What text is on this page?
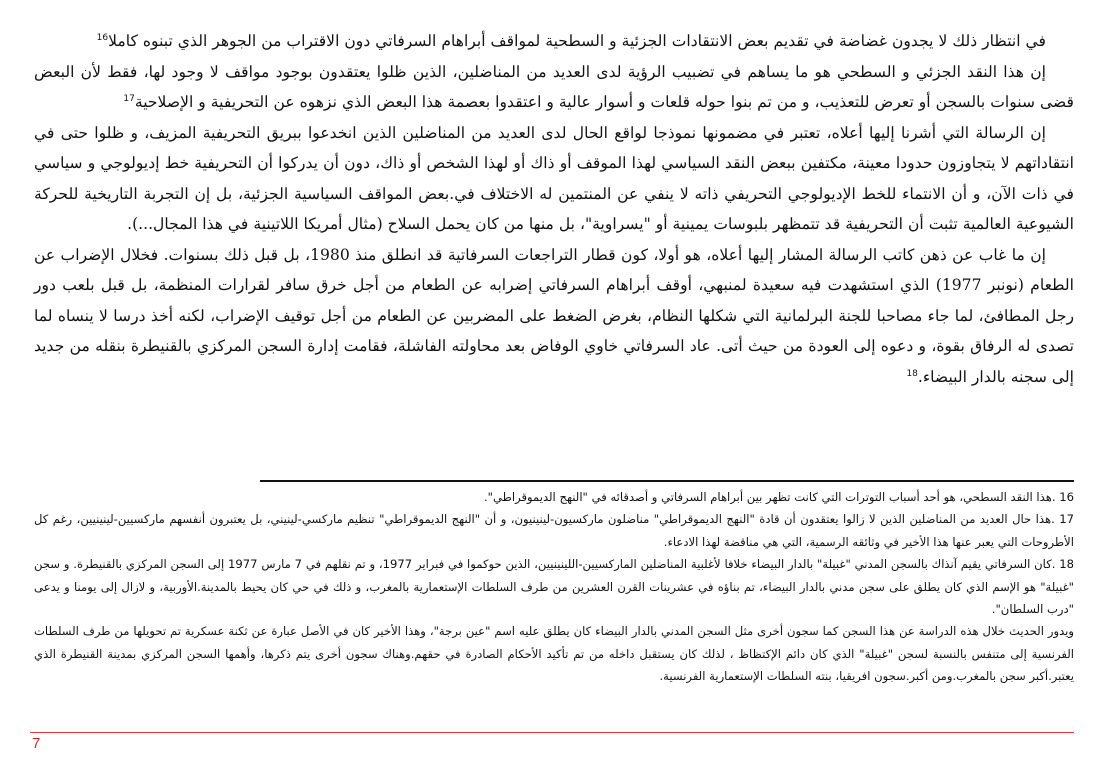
في انتظار ذلك لا يجدون غضاضة في تقديم بعض الانتقادات الجزئية و السطحية لمواقف أبراهام السرفاتي دون الاقتراب من الجوهر الذي تبنوه كاملا$^{16}$

إن هذا النقد الجزئي و السطحي هو ما يساهم في تضبيب الرؤية لدى العديد من المناضلين، الذين ظلوا يعتقدون بوجود مواقف لا وجود لها، فقط لأن البعض قضى سنوات بالسجن أو تعرض للتعذيب، و من تم بنوا حوله قلعات و أسوار عالية و اعتقدوا بعصمة هذا البعض الذي نزهوه عن التحريفية و الإصلاحية$^{17}$

إن الرسالة التي أشرنا إليها أعلاه، تعتبر في مضمونها نموذجا لواقع الحال لدى العديد من المناضلين الذين انخدعوا ببريق التحريفية المزيف، و ظلوا حتى في انتقاداتهم لا يتجاوزون حدودا معينة، مكتفين ببعض النقد السياسي لهذا الموقف أو ذاك أو لهذا الشخص أو ذاك، دون أن يدركوا أن التحريفية خط إديولوجي و سياسي في ذات الآن، و أن الانتماء للخط الإديولوجي التحريفي ذاته لا ينفي عن المنتمين له الاختلاف في.بعض المواقف السياسية الجزئية، بل إن التجربة التاريخية للحركة الشيوعية العالمية تثبت أن التحريفية قد تتمظهر بلبوسات يمينية أو "يسراوية"، بل منها من كان يحمل السلاح (مثال أمريكا اللاتينية في هذا المجال...).

إن ما غاب عن ذهن كاتب الرسالة المشار إليها أعلاه، هو أولا، كون قطار التراجعات السرفاتية قد انطلق منذ 1980، بل قبل ذلك بسنوات. فخلال الإضراب عن الطعام (نونبر 1977) الذي استشهدت فيه سعيدة لمنبهي، أوقف أبراهام السرفاتي إضرابه عن الطعام من أجل خرق سافر لقرارات المنظمة، بل قبل بلعب دور رجل المطافئ، لما جاء مصاحبا للجنة البرلمانية التي شكلها النظام، بغرض الضغط على المضربين عن الطعام من أجل توقيف الإضراب، لكنه أخذ درسا لا ينساه لما تصدى له الرفاق بقوة، و دعوه إلى العودة من حيث أتى. عاد السرفاتي خاوي الوفاض بعد محاولته الفاشلة، فقامت إدارة السجن المركزي بالقنيطرة بنقله من جديد إلى سجنه بالدار البيضاء.$^{18}$

16 .هذا النقد السطحي، هو أحد أسباب التوترات التي كانت تظهر بين أبراهام السرفاتي و أصدقائه في "النهج الديموقراطي".

17 .هذا حال العديد من المناضلين الذين لا زالوا يعتقدون أن قادة "النهج الديموقراطي" مناضلون ماركسيون-لينينيون، و أن "النهج الديموقراطي" تنظيم ماركسي-لينيني، بل يعتبرون أنفسهم ماركسيين-لينينيين، رغم كل الأطروحات التي يعبر عنها هذا الأخير في وثائقه الرسمية، التي هي مناقضة لهذا الادعاء.

18 .كان السرفاتي يقيم آنذاك بالسجن المدني "غبيلة" بالدار البيضاء خلافا لأغلبية المناضلين الماركسيين-اللينينيين، الذين حوكموا في فبراير 1977، و تم نقلهم في 7 مارس 1977 إلى السجن المركزي بالقنيطرة. و سجن "غبيلة" هو الإسم الذي كان يطلق على سجن مدني بالدار البيضاء، تم بناؤه في عشرينات القرن العشرين من طرف السلطات الإستعمارية بالمغرب، و ذلك في حي كان يحيط بالمدينة.الأوربية، و لازال إلى يومنا و يدعى "درب السلطان".

ويدور الحديث خلال هذه الدراسة عن هذا السجن كما سجون أخرى مثل السجن المدني بالدار البيضاء كان يطلق عليه اسم "عين برجة"، وهذا الأخير كان في الأصل عبارة عن ثكنة عسكرية تم تحويلها من طرف السلطات الفرنسية إلى متنفس بالنسبة لسجن "غبيلة" الذي كان دائم الإكتظاظ ، لذلك كان يستقبل داخله من تم تأكيد الأحكام الصادرة في حقهم.وهناك سجون أخرى يتم ذكرها، وأهمها السجن المركزي بمدينة القنيطرة الذي يعتبر.أكبر سجن بالمغرب.ومن أكبر.سجون افريقيا، بنته السلطات الإستعمارية الفرنسية.

7
